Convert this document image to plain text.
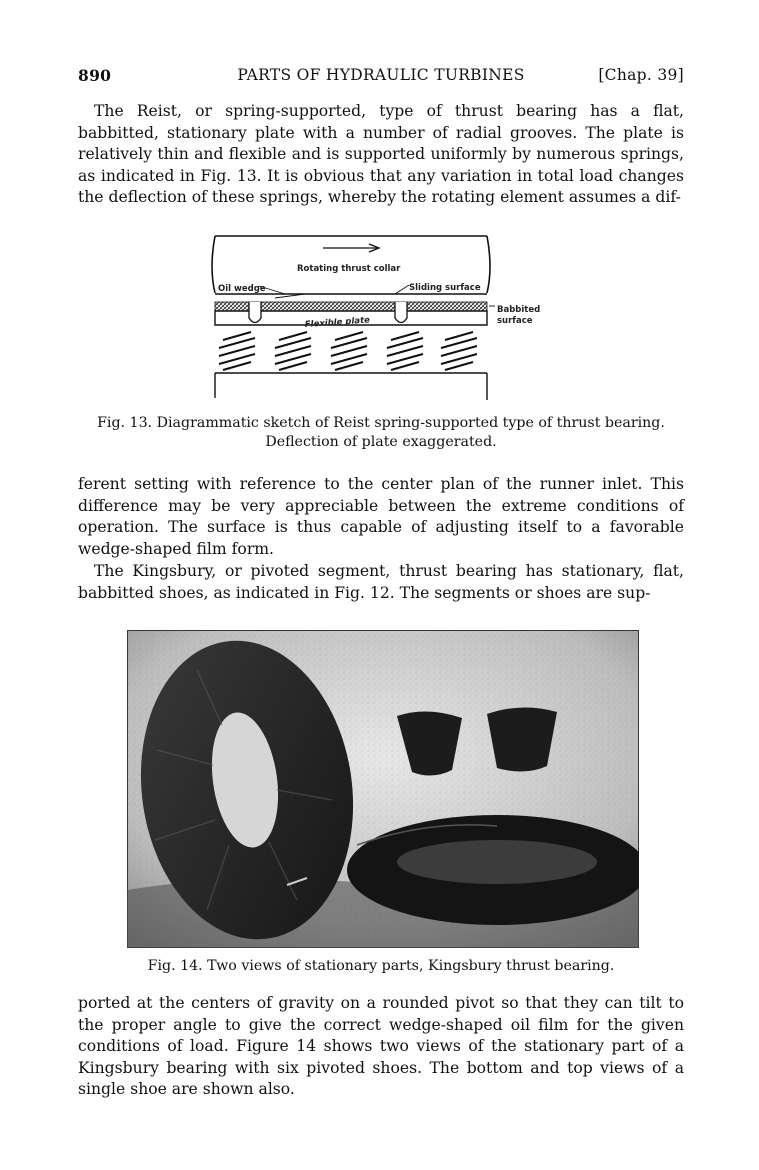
890	PARTS OF HYDRAULIC TURBINES	[Chap. 39]

The Reist, or spring-supported, type of thrust bearing has a flat, babbitted, stationary plate with a number of radial grooves. The plate is relatively thin and flexible and is supported uniformly by numerous springs, as indicated in Fig. 13. It is obvious that any variation in total load changes the deflection of these springs, whereby the rotating element assumes a dif-

Rotating thrust collar
Oil wedge	Sliding surface
Flexible plate
Babbited
surface

Fig. 13. Diagrammatic sketch of Reist spring-supported type of thrust bearing.

Deflection of plate exaggerated.

ferent setting with reference to the center plan of the runner inlet. This difference may be very appreciable between the extreme conditions of operation. The surface is thus capable of adjusting itself to a favorable wedge-shaped film form.

The Kingsbury, or pivoted segment, thrust bearing has stationary, flat, babbitted shoes, as indicated in Fig. 12. The segments or shoes are sup-

Fig. 14. Two views of stationary parts, Kingsbury thrust bearing.

ported at the centers of gravity on a rounded pivot so that they can tilt to the proper angle to give the correct wedge-shaped oil film for the given conditions of load. Figure 14 shows two views of the stationary part of a Kingsbury bearing with six pivoted shoes. The bottom and top views of a single shoe are shown also.
